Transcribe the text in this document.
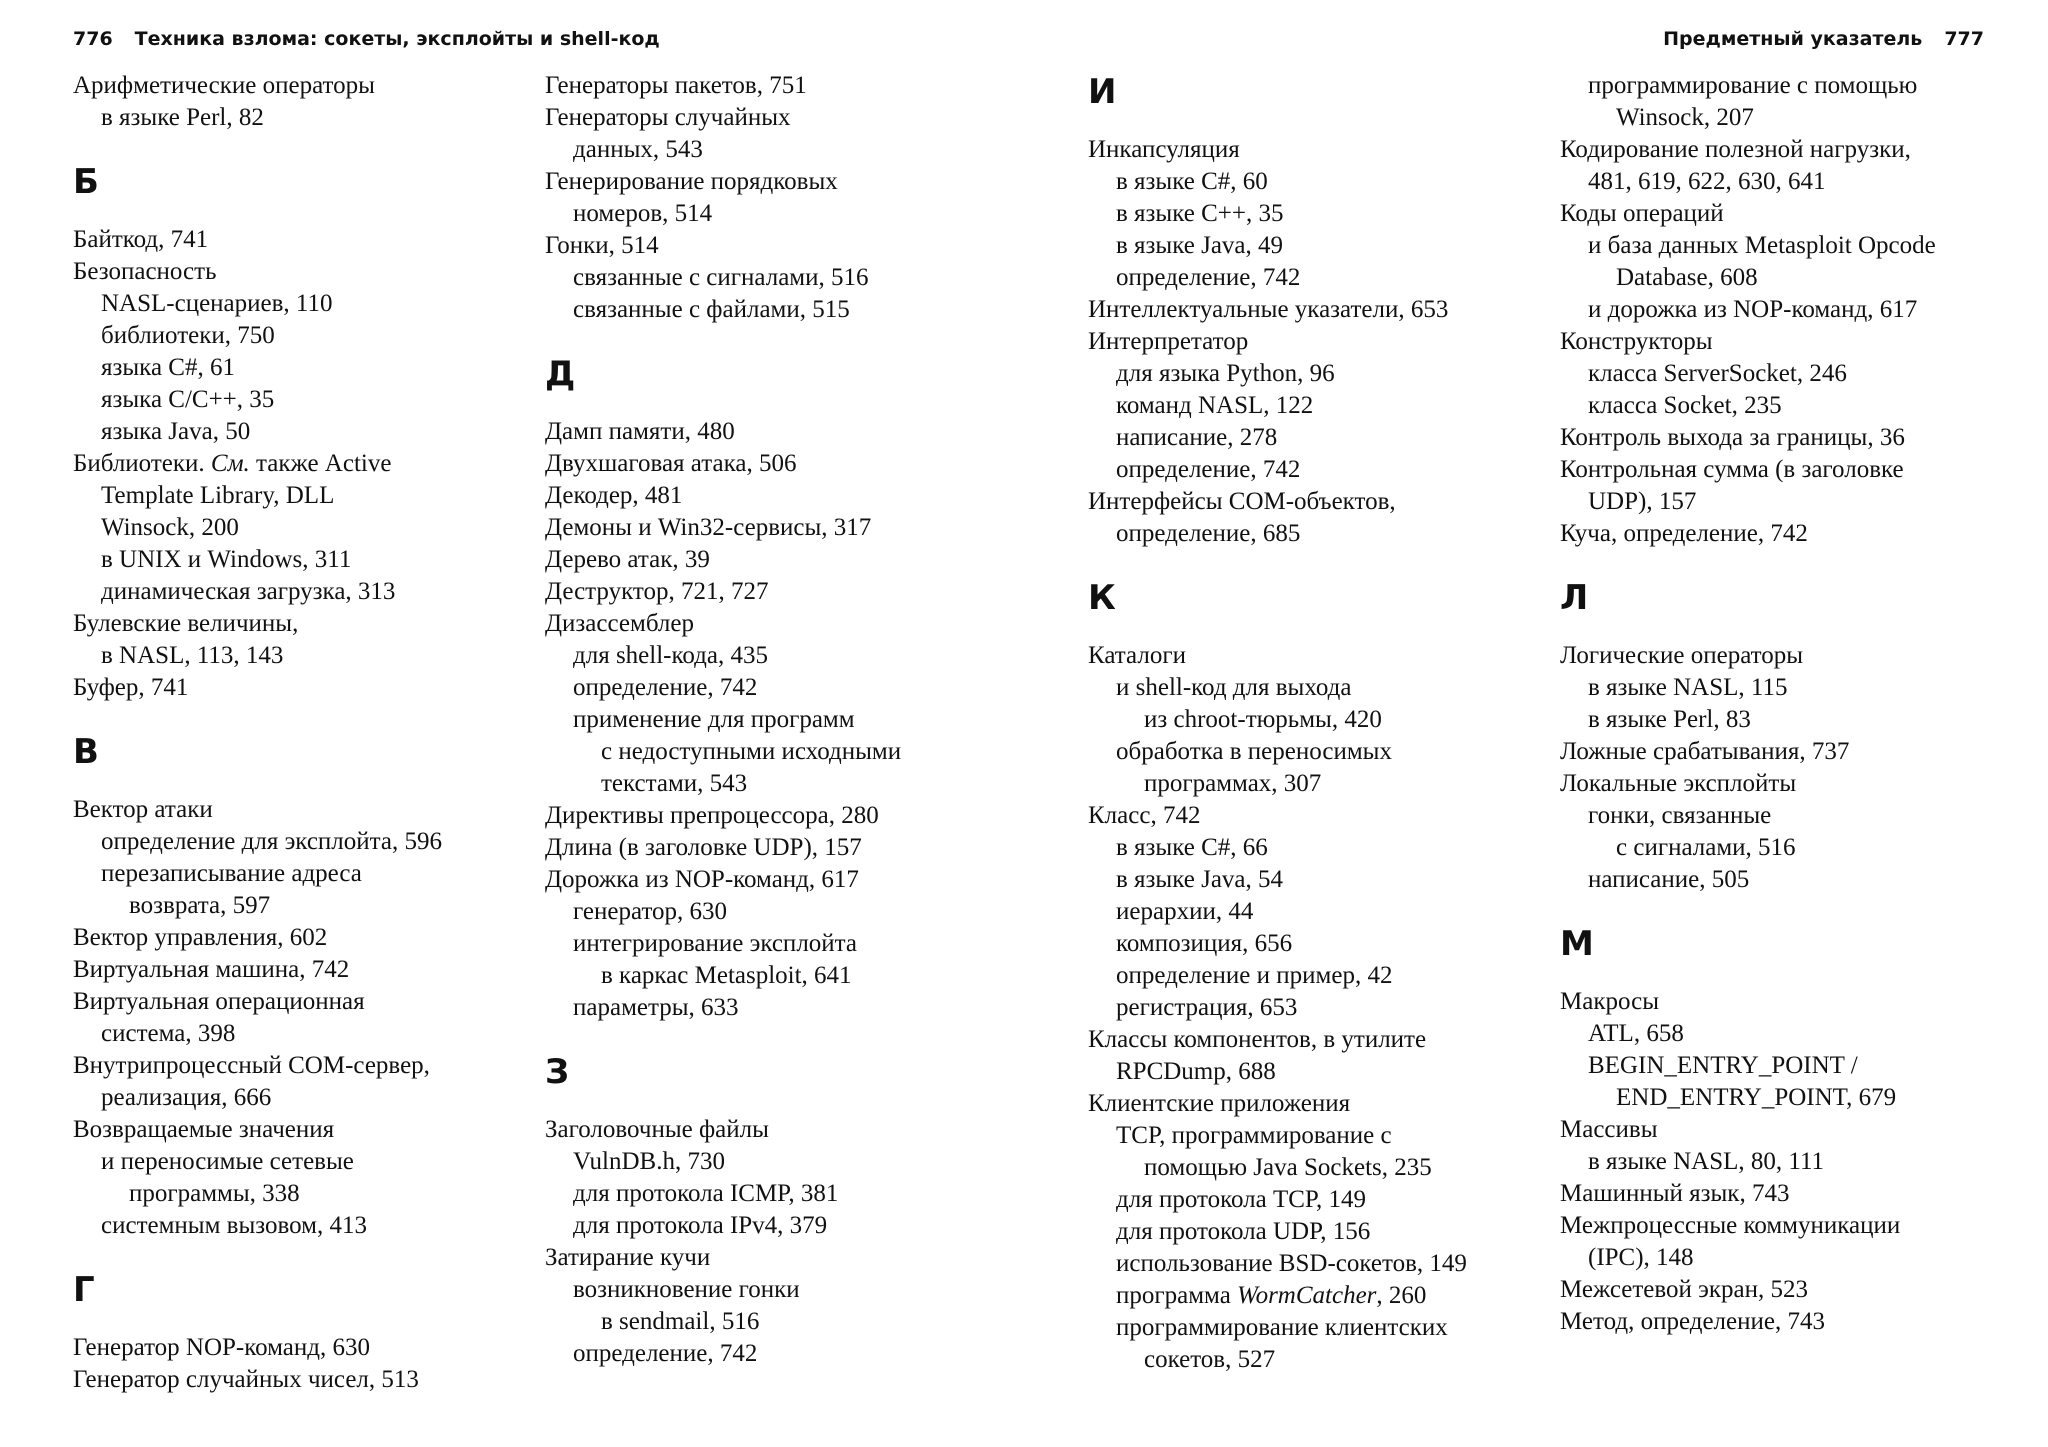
776 Техника взлома: сокеты, эксплойты и shell-код	Предметный указатель 777
Арифметические операторы
в языке Perl, 82
Б
Байткод, 741
Безопасность
NASL-сценариев, 110
библиотеки, 750
языка C#, 61
языка C/C++, 35
языка Java, 50
Библиотеки. См. также Active
Template Library, DLL
Winsock, 200
в UNIX и Windows, 311
динамическая загрузка, 313
Булевские величины,
в NASL, 113, 143
Буфер, 741
В
Вектор атаки
определение для эксплойта, 596
перезаписывание адреса
возврата, 597
Вектор управления, 602
Виртуальная машина, 742
Виртуальная операционная
система, 398
Внутрипроцессный COM-сервер,
реализация, 666
Возвращаемые значения
и переносимые сетевые
программы, 338
системным вызовом, 413
Г
Генератор NOP-команд, 630
Генератор случайных чисел, 513
Генераторы пакетов, 751
Генераторы случайных
данных, 543
Генерирование порядковых
номеров, 514
Гонки, 514
связанные с сигналами, 516
связанные с файлами, 515
Д
Дамп памяти, 480
Двухшаговая атака, 506
Декодер, 481
Демоны и Win32-сервисы, 317
Дерево атак, 39
Деструктор, 721, 727
Дизассемблер
для shell-кода, 435
определение, 742
применение для программ
с недоступными исходными
текстами, 543
Директивы препроцессора, 280
Длина (в заголовке UDP), 157
Дорожка из NOP-команд, 617
генератор, 630
интегрирование эксплойта
в каркас Metasploit, 641
параметры, 633
З
Заголовочные файлы
VulnDB.h, 730
для протокола ICMP, 381
для протокола IPv4, 379
Затирание кучи
возникновение гонки
в sendmail, 516
определение, 742
И
Инкапсуляция
в языке C#, 60
в языке C++, 35
в языке Java, 49
определение, 742
Интеллектуальные указатели, 653
Интерпретатор
для языка Python, 96
команд NASL, 122
написание, 278
определение, 742
Интерфейсы COM-объектов,
определение, 685
К
Каталоги
и shell-код для выхода
из chroot-тюрьмы, 420
обработка в переносимых
программах, 307
Класс, 742
в языке C#, 66
в языке Java, 54
иерархии, 44
композиция, 656
определение и пример, 42
регистрация, 653
Классы компонентов, в утилите
RPCDump, 688
Клиентские приложения
TCP, программирование с
помощью Java Sockets, 235
для протокола TCP, 149
для протокола UDP, 156
использование BSD-сокетов, 149
программа WormCatcher, 260
программирование клиентских
сокетов, 527
программирование с помощью
Winsock, 207
Кодирование полезной нагрузки,
481, 619, 622, 630, 641
Коды операций
и база данных Metasploit Opcode
Database, 608
и дорожка из NOP-команд, 617
Конструкторы
класса ServerSocket, 246
класса Socket, 235
Контроль выхода за границы, 36
Контрольная сумма (в заголовке
UDP), 157
Куча, определение, 742
Л
Логические операторы
в языке NASL, 115
в языке Perl, 83
Ложные срабатывания, 737
Локальные эксплойты
гонки, связанные
с сигналами, 516
написание, 505
М
Макросы
ATL, 658
BEGIN_ENTRY_POINT /
END_ENTRY_POINT, 679
Массивы
в языке NASL, 80, 111
Машинный язык, 743
Межпроцессные коммуникации
(IPC), 148
Межсетевой экран, 523
Метод, определение, 743
